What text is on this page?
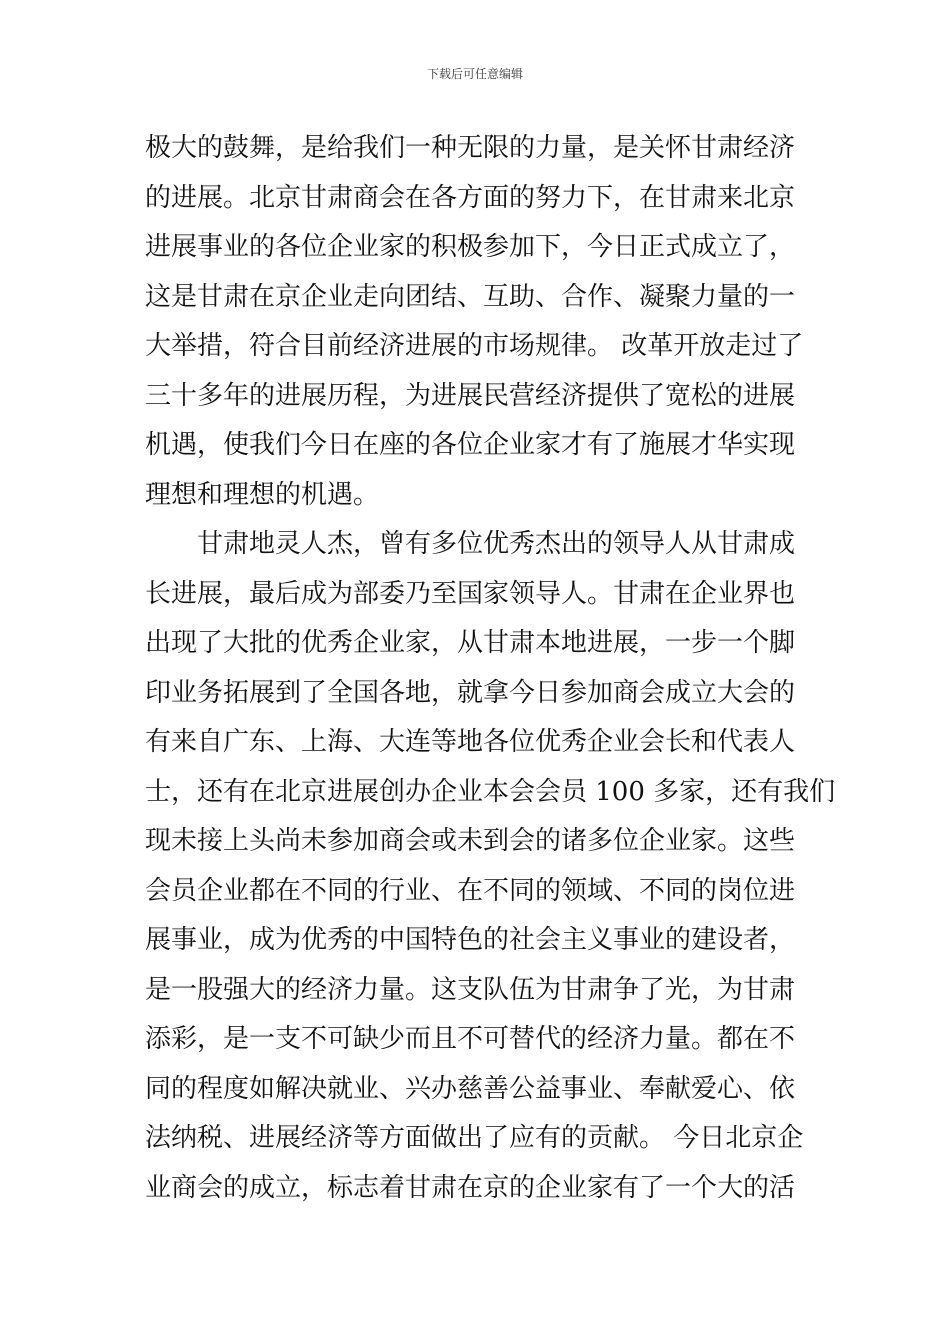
下载后可任意编辑
极大的鼓舞，是给我们一种无限的力量，是关怀甘肃经济
的进展。北京甘肃商会在各方面的努力下，在甘肃来北京
进展事业的各位企业家的积极参加下，今日正式成立了，
这是甘肃在京企业走向团结、互助、合作、凝聚力量的一
大举措，符合目前经济进展的市场规律。 改革开放走过了
三十多年的进展历程，为进展民营经济提供了宽松的进展
机遇，使我们今日在座的各位企业家才有了施展才华实现
理想和理想的机遇。
甘肃地灵人杰，曾有多位优秀杰出的领导人从甘肃成
长进展，最后成为部委乃至国家领导人。甘肃在企业界也
出现了大批的优秀企业家，从甘肃本地进展，一步一个脚
印业务拓展到了全国各地，就拿今日参加商会成立大会的
有来自广东、上海、大连等地各位优秀企业会长和代表人
士，还有在北京进展创办企业本会会员 100 多家，还有我们
现未接上头尚未参加商会或未到会的诸多位企业家。这些
会员企业都在不同的行业、在不同的领域、不同的岗位进
展事业，成为优秀的中国特色的社会主义事业的建设者，
是一股强大的经济力量。这支队伍为甘肃争了光，为甘肃
添彩，是一支不可缺少而且不可替代的经济力量。都在不
同的程度如解决就业、兴办慈善公益事业、奉献爱心、依
法纳税、进展经济等方面做出了应有的贡献。 今日北京企
业商会的成立，标志着甘肃在京的企业家有了一个大的活
